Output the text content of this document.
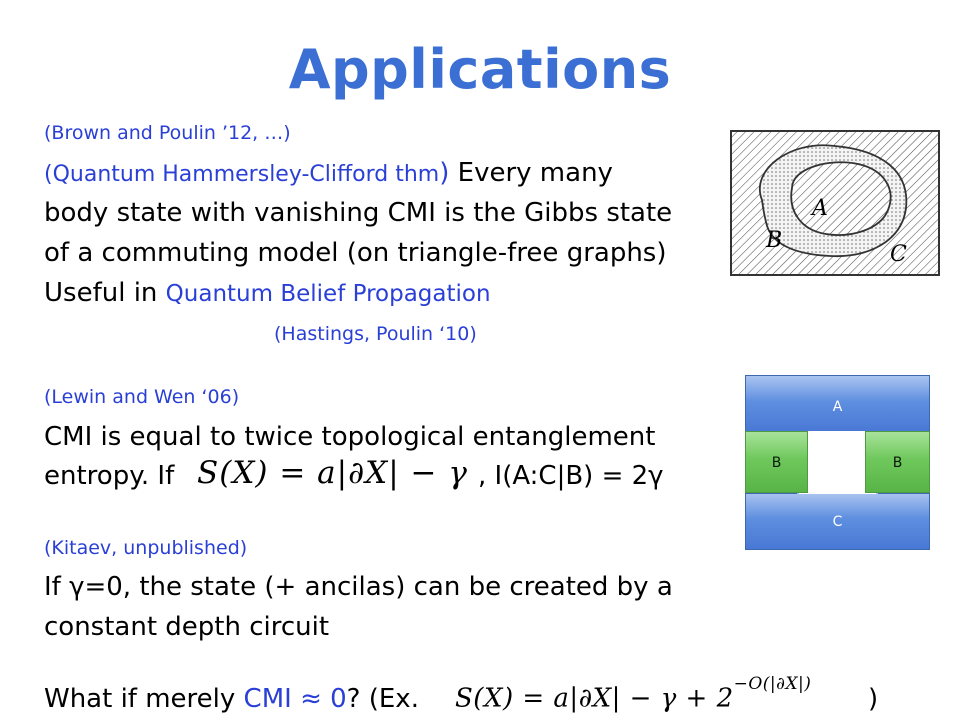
Applications
(Brown and Poulin ’12, …)
(Quantum Hammersley-Clifford thm) Every many
body state with vanishing CMI is the Gibbs state
of a commuting model (on triangle-free graphs)
Useful in Quantum Belief Propagation
(Hastings, Poulin ‘10)
(Lewin and Wen ‘06)
CMI is equal to twice topological entanglement
entropy. If S(X) = a|∂X| − γ , I(A:C|B) = 2γ
(Kitaev, unpublished)
If γ=0, the state (+ ancilas) can be created by a
constant depth circuit
What if merely CMI ≈ 0? (Ex. $S(X) = a|\partial X| - \gamma + 2^{-O(|\partial X|)}$ )
A
B
C
A
C
B	B
